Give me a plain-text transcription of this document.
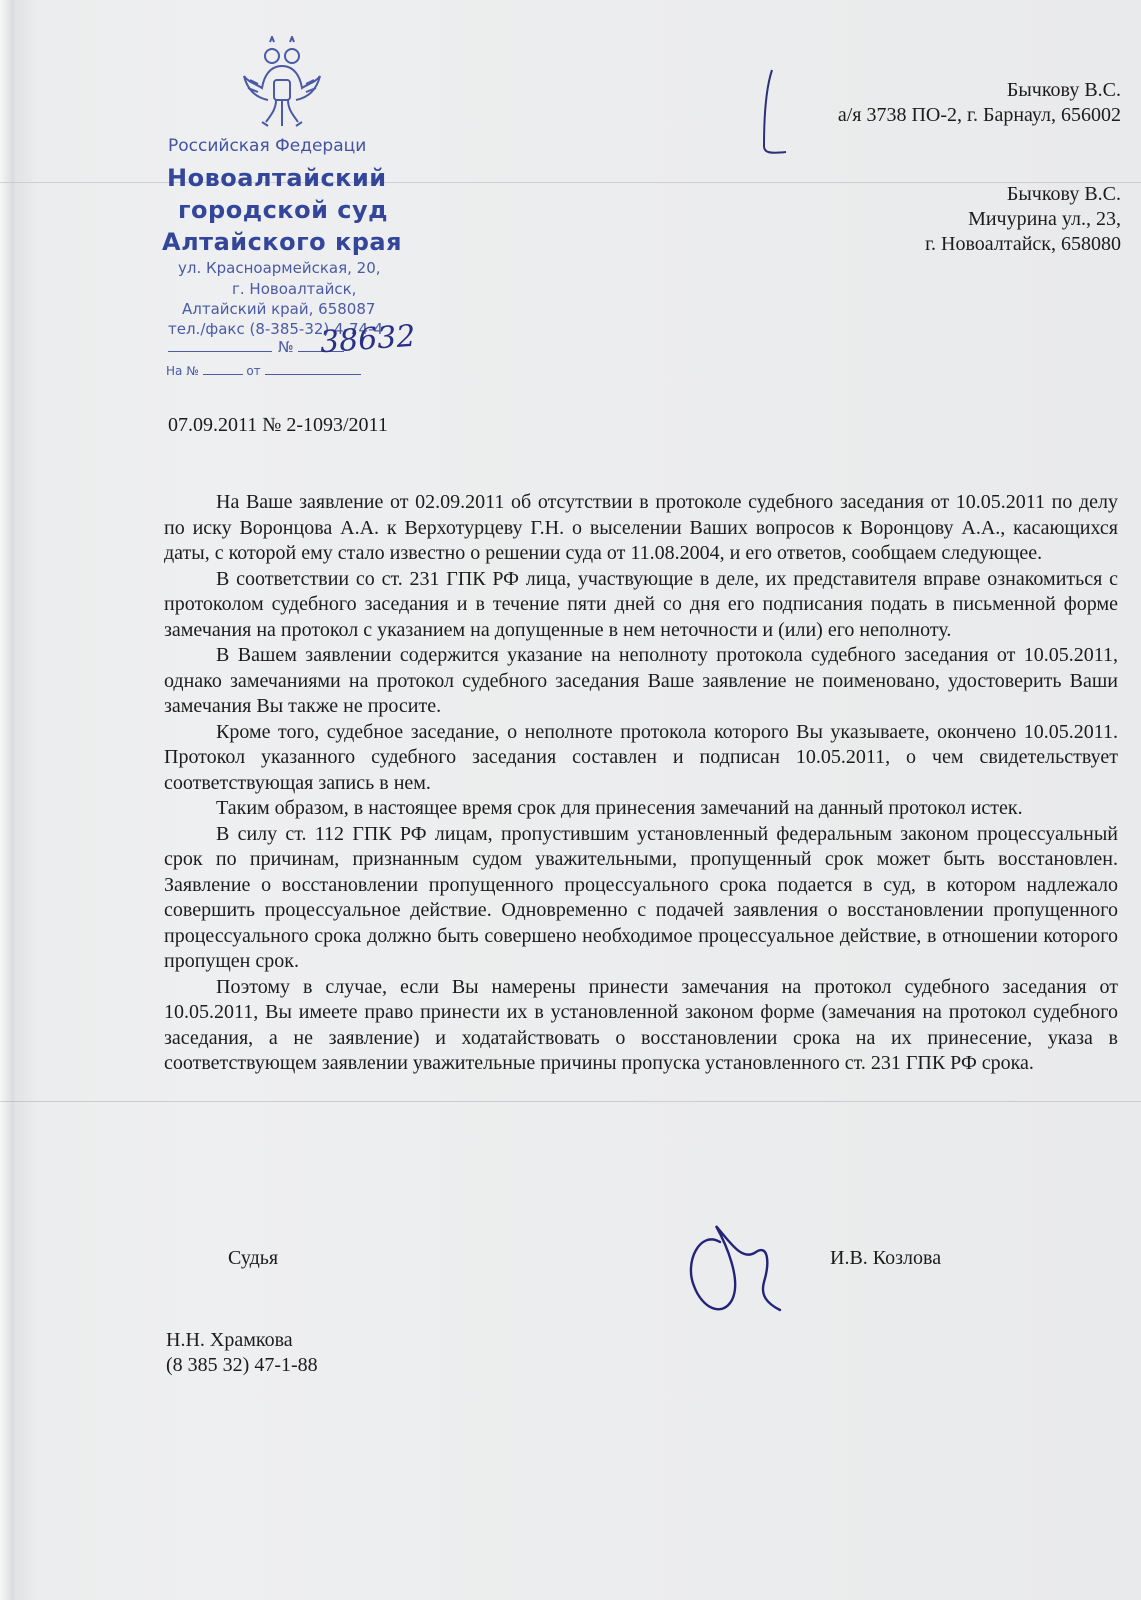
Российская Федераци
Новоалтайский
городской суд
Алтайского края
ул. Красноармейская, 20,
г. Новоалтайск,
Алтайский край, 658087
тел./факс (8-385-32) 4-74-4
№ 38632
На №	от
Бычкову В.С.
а/я 3738 ПО-2, г. Барнаул, 656002
Бычкову В.С.
Мичурина ул., 23,
г. Новоалтайск, 658080
07.09.2011 № 2-1093/2011

На Ваше заявление от 02.09.2011 об отсутствии в протоколе судебного заседания от 10.05.2011 по делу по иску Воронцова А.А. к Верхотурцеву Г.Н. о выселении Ваших вопросов к Воронцову А.А., касающихся даты, с которой ему стало известно о решении суда от 11.08.2004, и его ответов, сообщаем следующее.

В соответствии со ст. 231 ГПК РФ лица, участвующие в деле, их представителя вправе ознакомиться с протоколом судебного заседания и в течение пяти дней со дня его подписания подать в письменной форме замечания на протокол с указанием на допущенные в нем неточности и (или) его неполноту.

В Вашем заявлении содержится указание на неполноту протокола судебного заседания от 10.05.2011, однако замечаниями на протокол судебного заседания Ваше заявление не поименовано, удостоверить Ваши замечания Вы также не просите.

Кроме того, судебное заседание, о неполноте протокола которого Вы указываете, окончено 10.05.2011. Протокол указанного судебного заседания составлен и подписан 10.05.2011, о чем свидетельствует соответствующая запись в нем.

Таким образом, в настоящее время срок для принесения замечаний на данный протокол истек.

В силу ст. 112 ГПК РФ лицам, пропустившим установленный федеральным законом процессуальный срок по причинам, признанным судом уважительными, пропущенный срок может быть восстановлен. Заявление о восстановлении пропущенного процессуального срока подается в суд, в котором надлежало совершить процессуальное действие. Одновременно с подачей заявления о восстановлении пропущенного процессуального срока должно быть совершено необходимое процессуальное действие, в отношении которого пропущен срок.

Поэтому в случае, если Вы намерены принести замечания на протокол судебного заседания от 10.05.2011, Вы имеете право принести их в установленной законом форме (замечания на протокол судебного заседания, а не заявление) и ходатайствовать о восстановлении срока на их принесение, указа в соответствующем заявлении уважительные причины пропуска установленного ст. 231 ГПК РФ срока.

Судья	И.В. Козлова
Н.Н. Храмкова
(8 385 32) 47-1-88
